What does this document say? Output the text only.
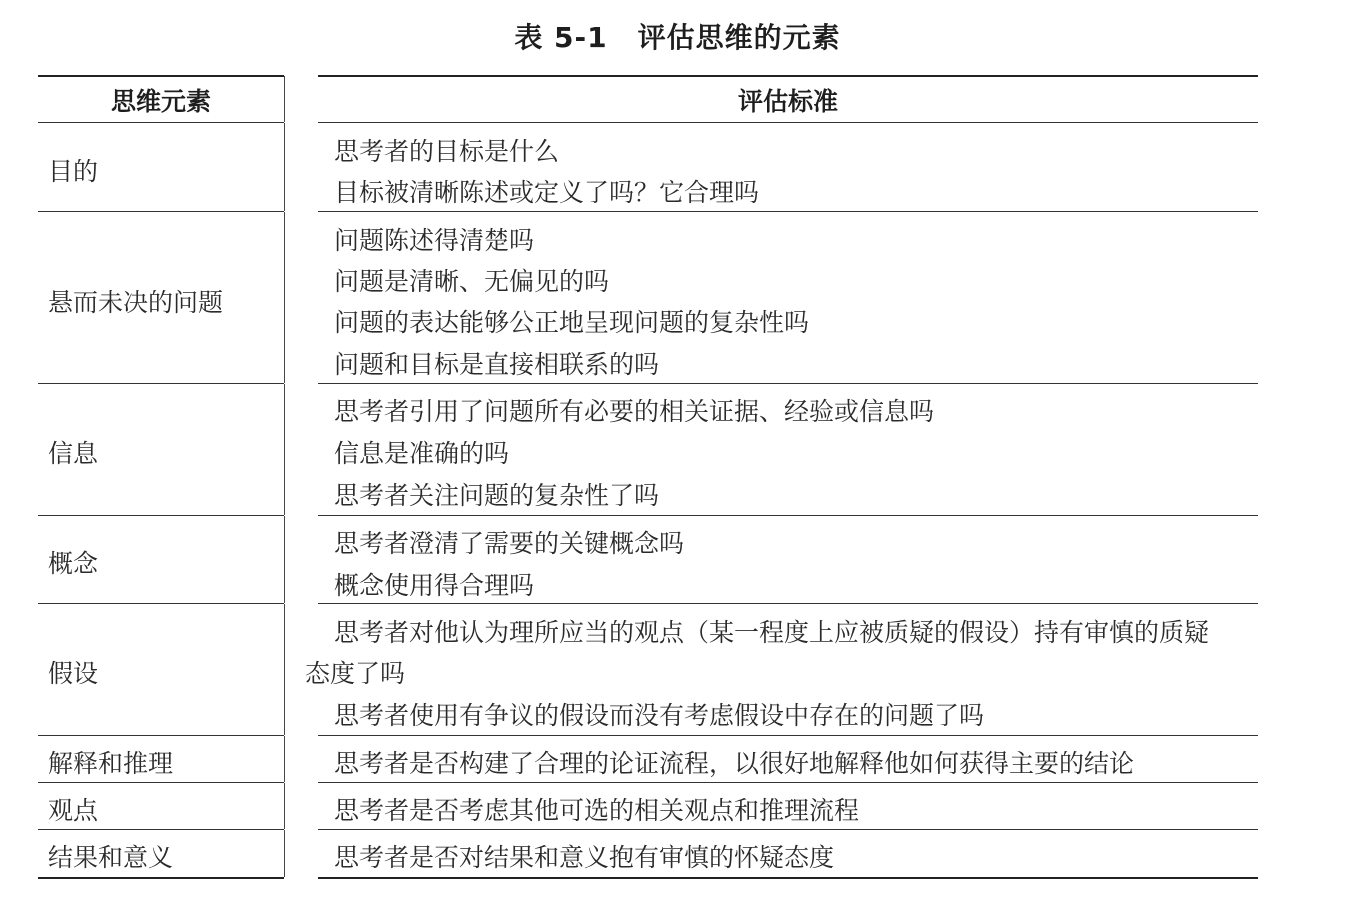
表 5-1 评估思维的元素
思维元素	评估标准
目的
悬而未决的问题
信息
概念
假设
解释和推理
观点
结果和意义
思考者的目标是什么
目标被清晰陈述或定义了吗？它合理吗
问题陈述得清楚吗
问题是清晰、无偏见的吗
问题的表达能够公正地呈现问题的复杂性吗
问题和目标是直接相联系的吗
思考者引用了问题所有必要的相关证据、经验或信息吗
信息是准确的吗
思考者关注问题的复杂性了吗
思考者澄清了需要的关键概念吗
概念使用得合理吗
思考者对他认为理所应当的观点（某一程度上应被质疑的假设）持有审慎的质疑
态度了吗
思考者使用有争议的假设而没有考虑假设中存在的问题了吗
思考者是否构建了合理的论证流程，以很好地解释他如何获得主要的结论
思考者是否考虑其他可选的相关观点和推理流程
思考者是否对结果和意义抱有审慎的怀疑态度
